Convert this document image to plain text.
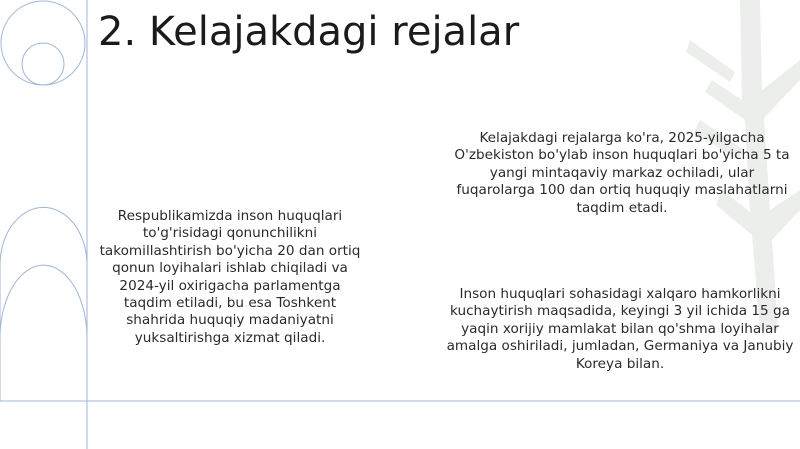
2. Kelajakdagi rejalar
Respublikamizda inson huquqlari to'g'risidagi qonunchilikni takomillashtirish bo'yicha 20 dan ortiq qonun loyihalari ishlab chiqiladi va 2024-yil oxirigacha parlamentga taqdim etiladi, bu esa Toshkent shahrida huquqiy madaniyatni yuksaltirishga xizmat qiladi.
Kelajakdagi rejalarga ko'ra, 2025-yilgacha O'zbekiston bo'ylab inson huquqlari bo'yicha 5 ta yangi mintaqaviy markaz ochiladi, ular fuqarolarga 100 dan ortiq huquqiy maslahatlarni taqdim etadi.
Inson huquqlari sohasidagi xalqaro hamkorlikni kuchaytirish maqsadida, keyingi 3 yil ichida 15 ga yaqin xorijiy mamlakat bilan qo'shma loyihalar amalga oshiriladi, jumladan, Germaniya va Janubiy Koreya bilan.
